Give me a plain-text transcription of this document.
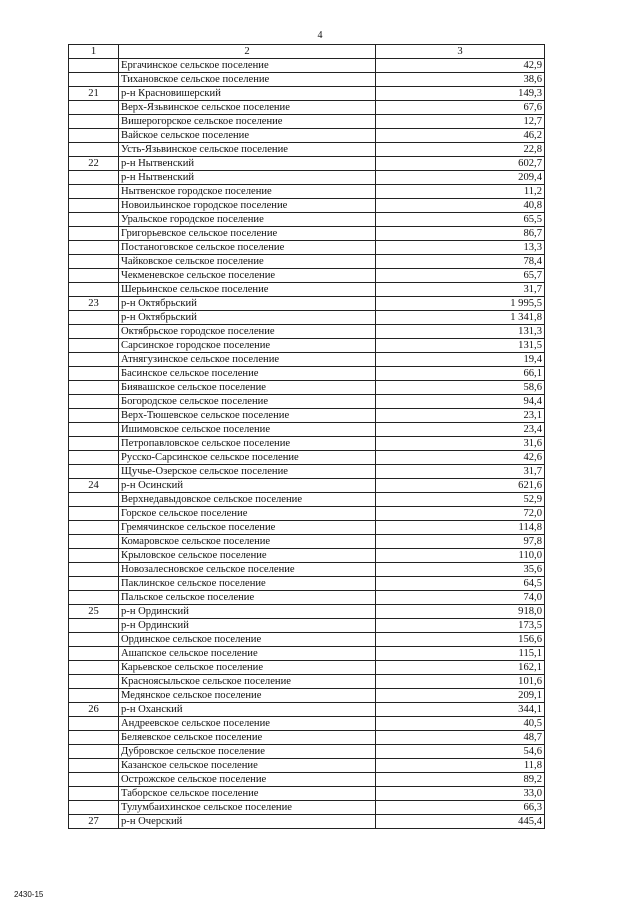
4
1	2	3
	Ергачинское сельское поселение	42,9
	Тихановское сельское поселение	38,6
21	р-н Красновишерский	149,3
	Верх-Язьвинское сельское поселение	67,6
	Вишерогорское сельское поселение	12,7
	Вайское сельское поселение	46,2
	Усть-Язьвинское сельское поселение	22,8
22	р-н Нытвенский	602,7
	р-н Нытвенский	209,4
	Нытвенское городское поселение	11,2
	Новоильинское городское поселение	40,8
	Уральское городское поселение	65,5
	Григорьевское сельское поселение	86,7
	Постаноговское сельское поселение	13,3
	Чайковское сельское поселение	78,4
	Чекменевское сельское поселение	65,7
	Шерьинское сельское поселение	31,7
23	р-н Октябрьский	1 995,5
	р-н Октябрьский	1 341,8
	Октябрьское городское поселение	131,3
	Сарсинское городское поселение	131,5
	Атнягузинское сельское поселение	19,4
	Басинское сельское поселение	66,1
	Биявашское сельское поселение	58,6
	Богородское сельское поселение	94,4
	Верх-Тюшевское сельское поселение	23,1
	Ишимовское сельское поселение	23,4
	Петропавловское сельское поселение	31,6
	Русско-Сарсинское сельское поселение	42,6
	Щучье-Озерское сельское поселение	31,7
24	р-н Осинский	621,6
	Верхнедавыдовское сельское поселение	52,9
	Горское сельское поселение	72,0
	Гремячинское сельское поселение	114,8
	Комаровское сельское поселение	97,8
	Крыловское сельское поселение	110,0
	Новозалесновское сельское поселение	35,6
	Паклинское сельское поселение	64,5
	Пальское сельское поселение	74,0
25	р-н Ординский	918,0
	р-н Ординский	173,5
	Ординское сельское поселение	156,6
	Ашапское сельское поселение	115,1
	Карьевское сельское поселение	162,1
	Красноясыльское сельское поселение	101,6
	Медянское сельское поселение	209,1
26	р-н Оханский	344,1
	Андреевское сельское поселение	40,5
	Беляевское сельское поселение	48,7
	Дубровское сельское поселение	54,6
	Казанское сельское поселение	11,8
	Острожское сельское поселение	89,2
	Таборское сельское поселение	33,0
	Тулумбаихинское сельское поселение	66,3
27	р-н Очерский	445,4
2430-15
